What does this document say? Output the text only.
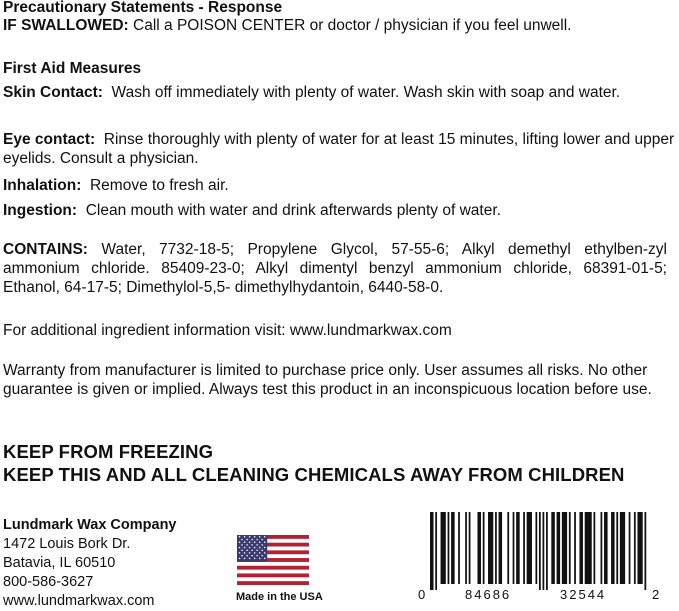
Precautionary Statements - Response
IF SWALLOWED: Call a POISON CENTER or doctor / physician if you feel unwell.
First Aid Measures
Skin Contact: Wash off immediately with plenty of water. Wash skin with soap and water.
Eye contact: Rinse thoroughly with plenty of water for at least 15 minutes, lifting lower and upper eyelids. Consult a physician.
Inhalation: Remove to fresh air.
Ingestion: Clean mouth with water and drink afterwards plenty of water.
CONTAINS: Water, 7732-18-5; Propylene Glycol, 57-55-6; Alkyl demethyl ethylben-zyl ammonium chloride. 85409-23-0; Alkyl dimentyl benzyl ammonium chloride, 68391-01-5; Ethanol, 64-17-5; Dimethylol-5,5- dimethylhydantoin, 6440-58-0.
For additional ingredient information visit: www.lundmarkwax.com
Warranty from manufacturer is limited to purchase price only. User assumes all risks. No other guarantee is given or implied. Always test this product in an inconspicuous location before use.
KEEP FROM FREEZING
KEEP THIS AND ALL CLEANING CHEMICALS AWAY FROM CHILDREN
Lundmark Wax Company
1472 Louis Bork Dr.
Batavia, IL 60510
800-586-3627
www.lundmarkwax.com	Made in the USA	0	84686	32544	2
